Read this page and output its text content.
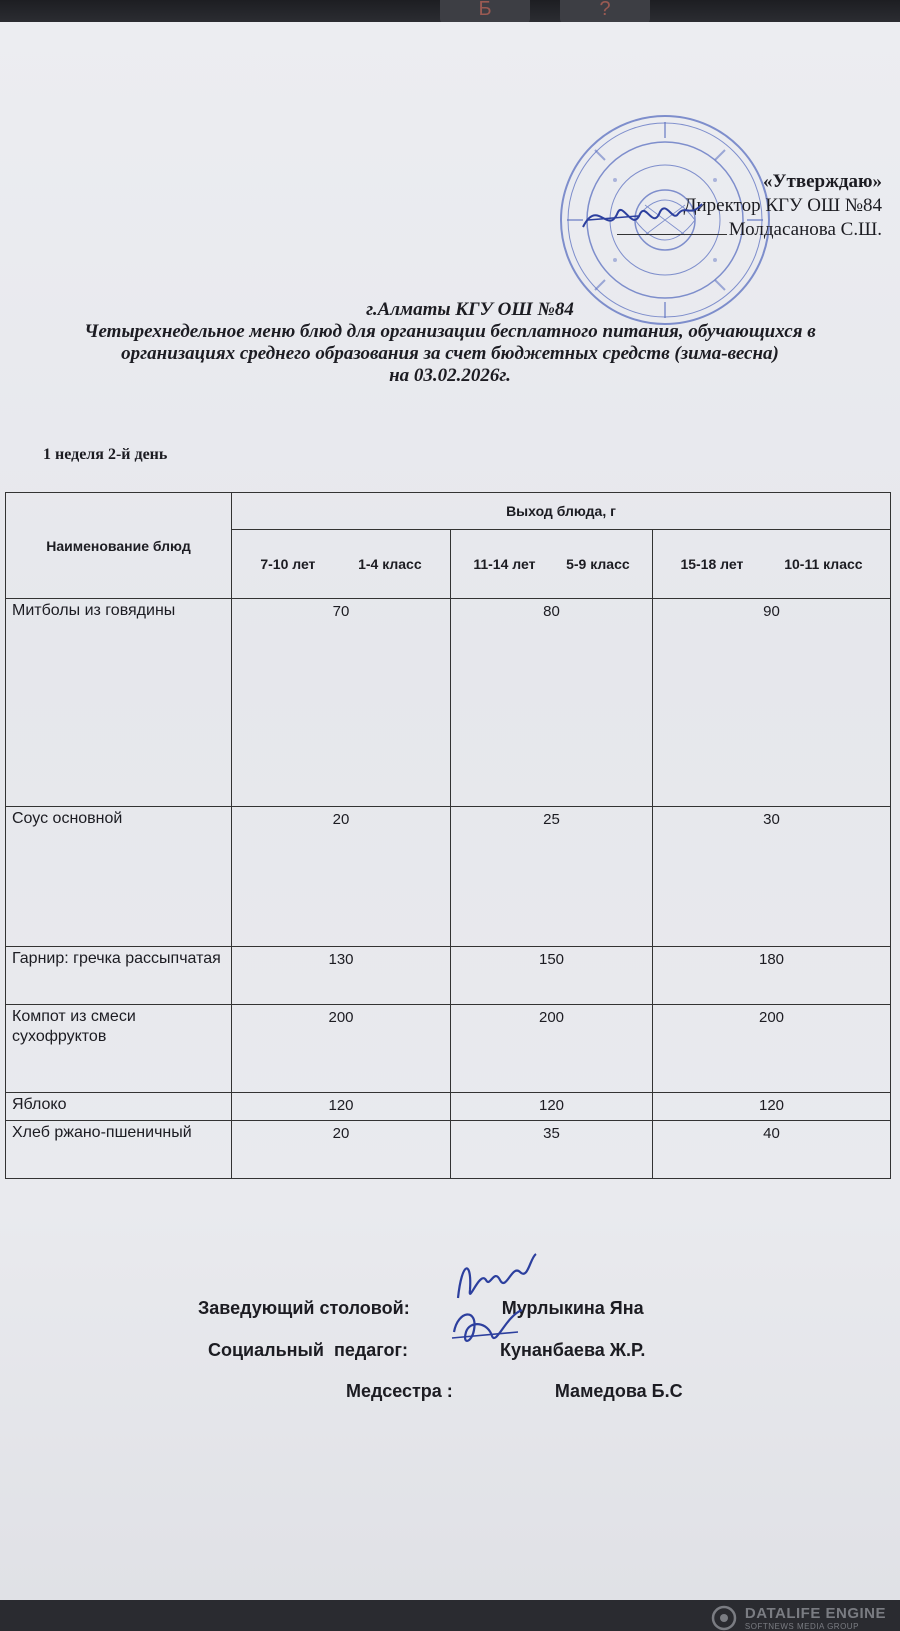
Б	?
«Утверждаю»
Директор КГУ ОШ №84
Молдасанова С.Ш.
г.Алматы КГУ ОШ №84
Четырехнедельное меню блюд для организации бесплатного питания, обучающихся в
организациях среднего образования за счет бюджетных средств (зима-весна)
на 03.02.2026г.
1 неделя 2-й день
Наименование блюд	Выход блюда, г		

	7-10 лет 1-4 класс	11-14 лет 5-9 класс	15-18 лет 10-11 класс

Митболы из говядины	70	80	90
Соус основной	20	25	30
Гарнир: гречка рассыпчатая	130	150	180
Компот из смеси сухофруктов	200	200	200
Яблоко	120	120	120
Хлеб ржано-пшеничный	20	35	40
Заведующий столовой:	Мурлыкина Яна
Социальный  педагог:	Кунанбаева Ж.Р.
Медсестра :	Мамедова Б.С
DATALIFE ENGINE
SOFTNEWS MEDIA GROUP
